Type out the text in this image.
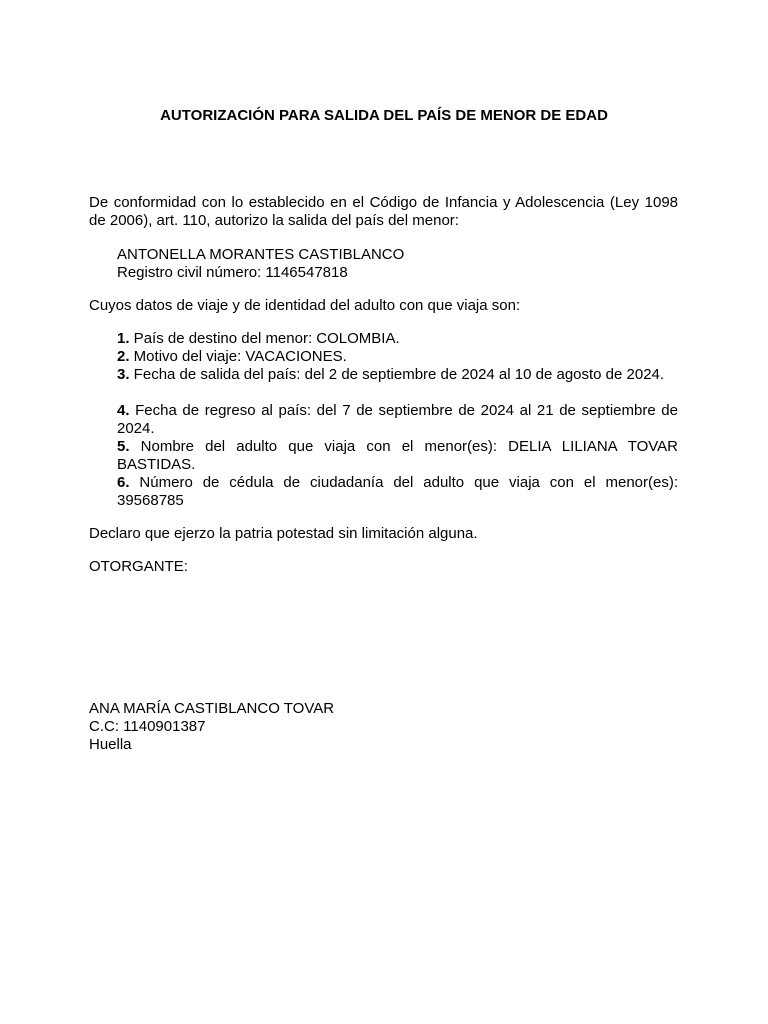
AUTORIZACIÓN PARA SALIDA DEL PAÍS DE MENOR DE EDAD

De conformidad con lo establecido en el Código de Infancia y Adolescencia (Ley 1098 de 2006), art. 110, autorizo la salida del país del menor:

ANTONELLA MORANTES CASTIBLANCO
Registro civil número: 1146547818

Cuyos datos de viaje y de identidad del adulto con que viaja son:

1. País de destino del menor: COLOMBIA.
2. Motivo del viaje: VACACIONES.
3. Fecha de salida del país: del 2 de septiembre de 2024 al 10 de agosto de 2024.
4. Fecha de regreso al país: del 7 de septiembre de 2024 al 21 de septiembre de 2024.
5. Nombre del adulto que viaja con el menor(es): DELIA LILIANA TOVAR BASTIDAS.
6. Número de cédula de ciudadanía del adulto que viaja con el menor(es): 39568785

Declaro que ejerzo la patria potestad sin limitación alguna.

OTORGANTE:

ANA MARÍA CASTIBLANCO TOVAR
C.C: 1140901387
Huella
